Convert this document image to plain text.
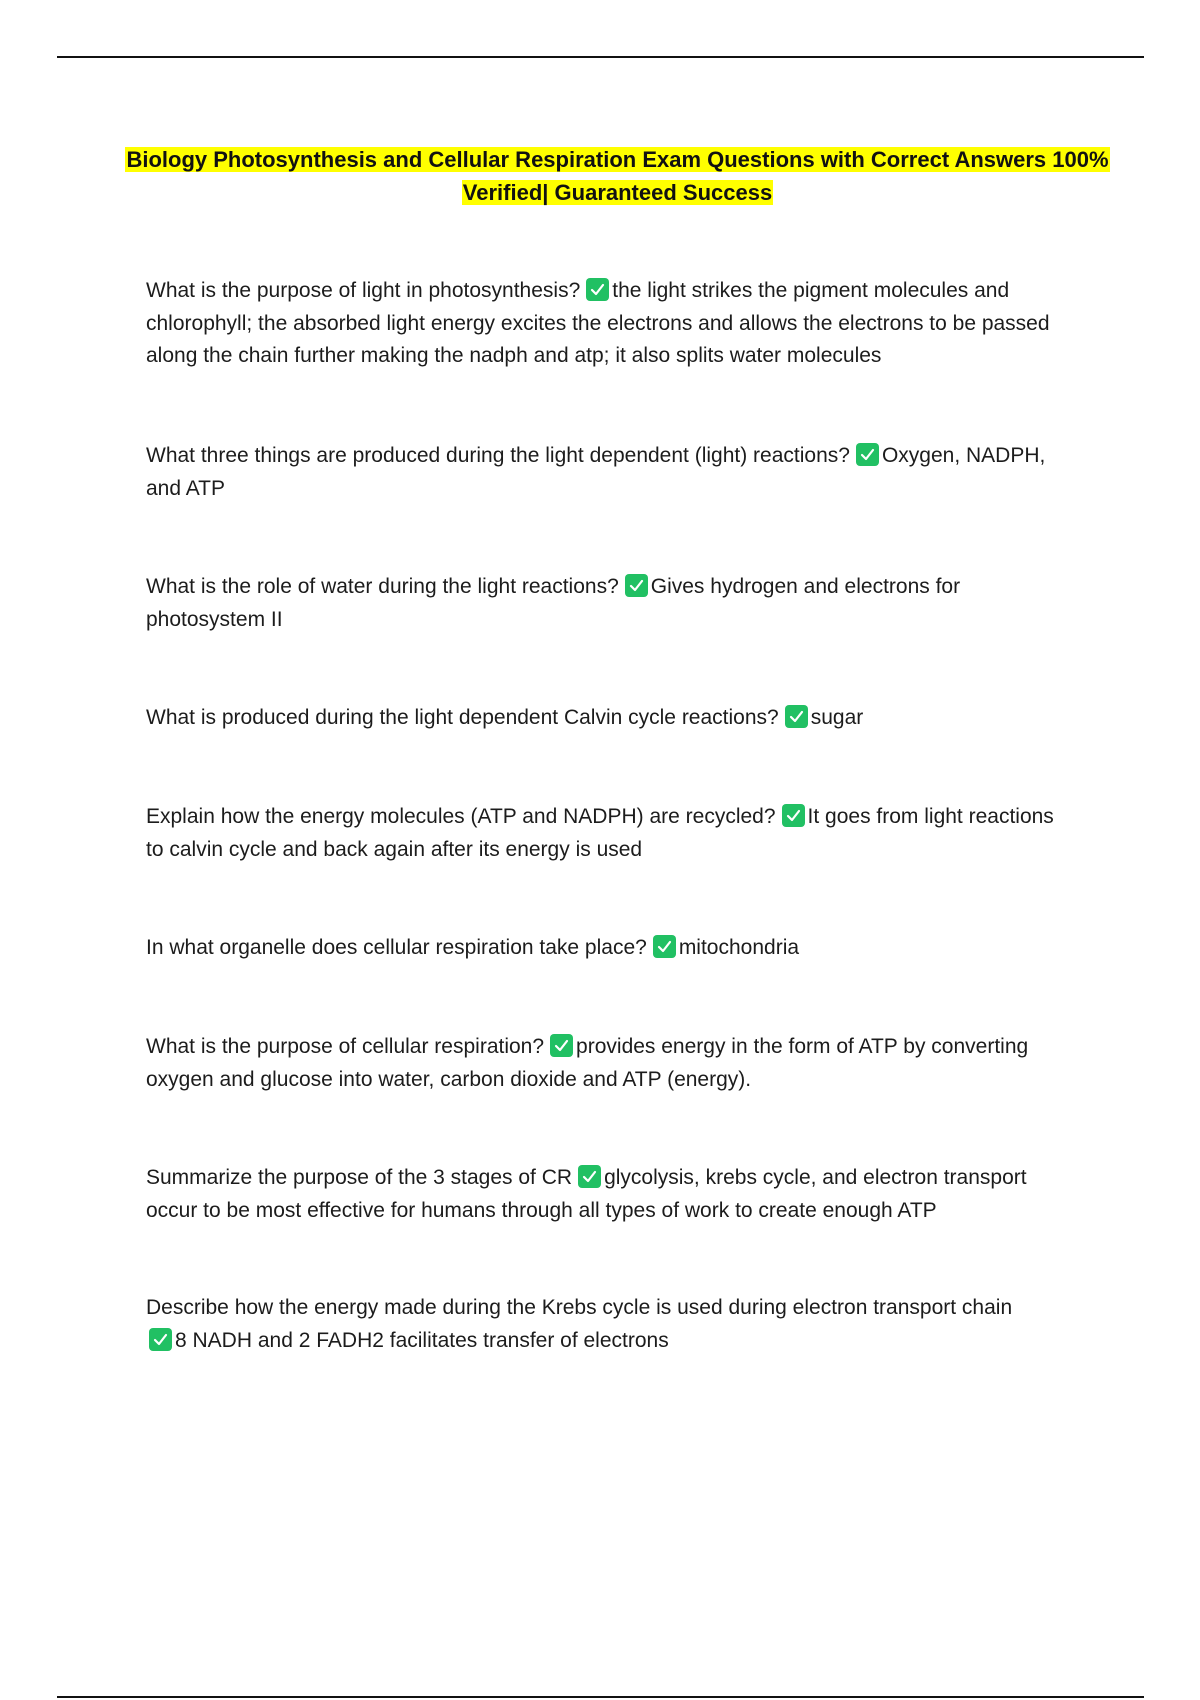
Biology Photosynthesis and Cellular Respiration Exam Questions with Correct Answers 100%
Verified| Guaranteed Success
What is the purpose of light in photosynthesis? the light strikes the pigment molecules and chlorophyll; the absorbed light energy excites the electrons and allows the electrons to be passed along the chain further making the nadph and atp; it also splits water molecules
What three things are produced during the light dependent (light) reactions? Oxygen, NADPH, and ATP
What is the role of water during the light reactions? Gives hydrogen and electrons for photosystem II
What is produced during the light dependent Calvin cycle reactions? sugar
Explain how the energy molecules (ATP and NADPH) are recycled? It goes from light reactions to calvin cycle and back again after its energy is used
In what organelle does cellular respiration take place? mitochondria
What is the purpose of cellular respiration? provides energy in the form of ATP by converting oxygen and glucose into water, carbon dioxide and ATP (energy).
Summarize the purpose of the 3 stages of CR glycolysis, krebs cycle, and electron transport occur to be most effective for humans through all types of work to create enough ATP
Describe how the energy made during the Krebs cycle is used during electron transport chain

8 NADH and 2 FADH2 facilitates transfer of electrons
